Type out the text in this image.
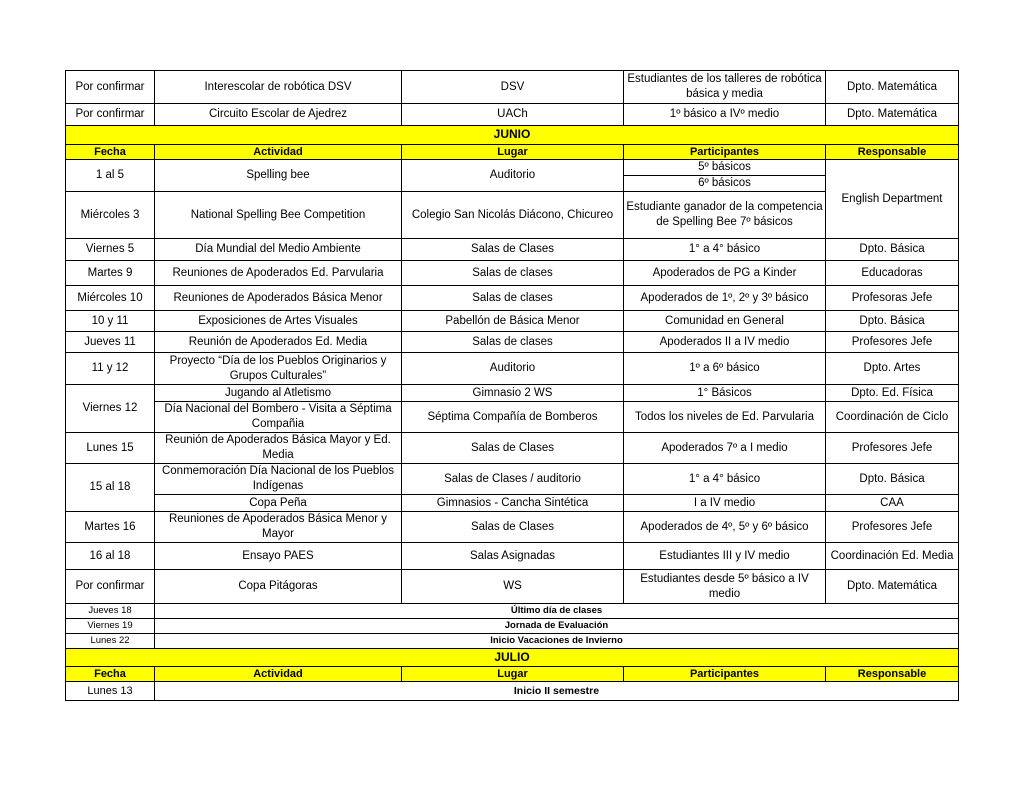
Por confirmar	Interescolar de robótica DSV	DSV	Estudiantes de los talleres de robótica básica y media	Dpto. Matemática
Por confirmar	Circuito Escolar de Ajedrez	UACh	1º básico a IVº medio	Dpto. Matemática
JUNIO				
Fecha	Actividad	Lugar	Participantes	Responsable
1 al 5	Spelling bee	Auditorio	5º básicos	English Department
			6º básicos	
Miércoles 3	National Spelling Bee Competition	Colegio San Nicolás Diácono, Chicureo	Estudiante ganador de la competencia de Spelling Bee 7º básicos	
Viernes 5	Día Mundial del Medio Ambiente	Salas de Clases	1° a 4° básico	Dpto. Básica
Martes 9	Reuniones de Apoderados Ed. Parvularia	Salas de clases	Apoderados de PG a Kinder	Educadoras
Miércoles 10	Reuniones de Apoderados Básica Menor	Salas de clases	Apoderados de 1º, 2º y 3º básico	Profesoras Jefe
10 y 11	Exposiciones de Artes Visuales	Pabellón de Básica Menor	Comunidad en General	Dpto. Básica
Jueves 11	Reunión de Apoderados Ed. Media	Salas de clases	Apoderados II a IV medio	Profesores Jefe
11 y 12	Proyecto “Día de los Pueblos Originarios y Grupos Culturales”	Auditorio	1º a 6º básico	Dpto. Artes
Viernes 12	Jugando al Atletismo	Gimnasio 2 WS	1° Básicos	Dpto. Ed. Física
	Día Nacional del Bombero - Visita a Séptima Compañia	Séptima Compañía de Bomberos	Todos los niveles de Ed. Parvularia	Coordinación de Ciclo
Lunes 15	Reunión de Apoderados Básica Mayor y Ed. Media	Salas de Clases	Apoderados 7º a I medio	Profesores Jefe
15 al 18	Conmemoración Día Nacional de los Pueblos Indígenas	Salas de Clases / auditorio	1° a 4° básico	Dpto. Básica
	Copa Peña	Gimnasios - Cancha Sintética	I a IV medio	CAA
Martes 16	Reuniones de Apoderados Básica Menor y Mayor	Salas de Clases	Apoderados de 4º, 5º y 6º básico	Profesores Jefe
16 al 18	Ensayo PAES	Salas Asignadas	Estudiantes III y IV medio	Coordinación Ed. Media
Por confirmar	Copa Pitágoras	WS	Estudiantes desde 5º básico a IV medio	Dpto. Matemática
Jueves 18	Último día de clases			
Viernes 19	Jornada de Evaluación			
Lunes 22	Inicio Vacaciones de Invierno			
JULIO				
Fecha	Actividad	Lugar	Participantes	Responsable
Lunes 13	Inicio II semestre			
